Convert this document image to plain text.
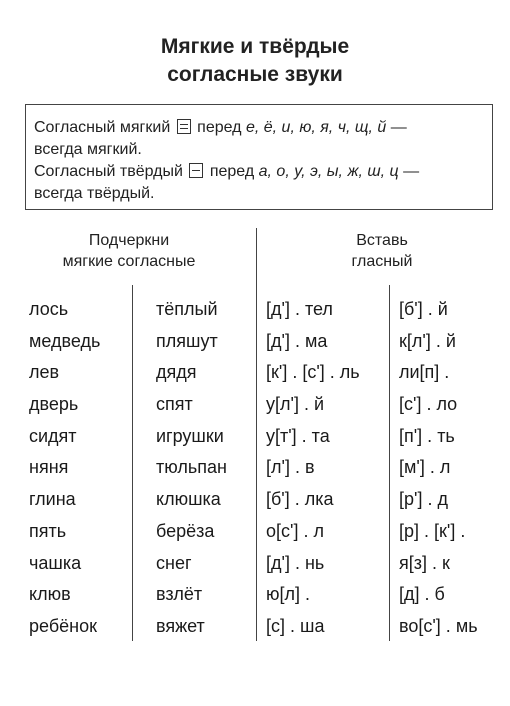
Мягкие и твёрдые
согласные звуки
Согласный мягкий перед е, ё, и, ю, я, ч, щ, й —
всегда мягкий.
Согласный твёрдый перед а, о, у, э, ы, ж, ш, ц —
всегда твёрдый.
Подчеркни
мягкие согласные
Вставь
гласный
лось
медведь
лев
дверь
сидят
няня
глина
пять
чашка
клюв
ребёнок
тёплый
пляшут
дядя
спят
игрушки
тюльпан
клюшка
берёза
снег
взлёт
вяжет
[д'] . тел
[д'] . ма
[к'] . [с'] . ль
у[л'] . й
у[т'] . та
[л'] . в
[б'] . лка
о[с'] . л
[д'] . нь
ю[л] .
[с] . ша
[б'] . й
к[л'] . й
ли[п] .
[с'] . ло
[п'] . ть
[м'] . л
[р'] . д
[р] . [к'] .
я[з] . к
[д] . б
во[с'] . мь
